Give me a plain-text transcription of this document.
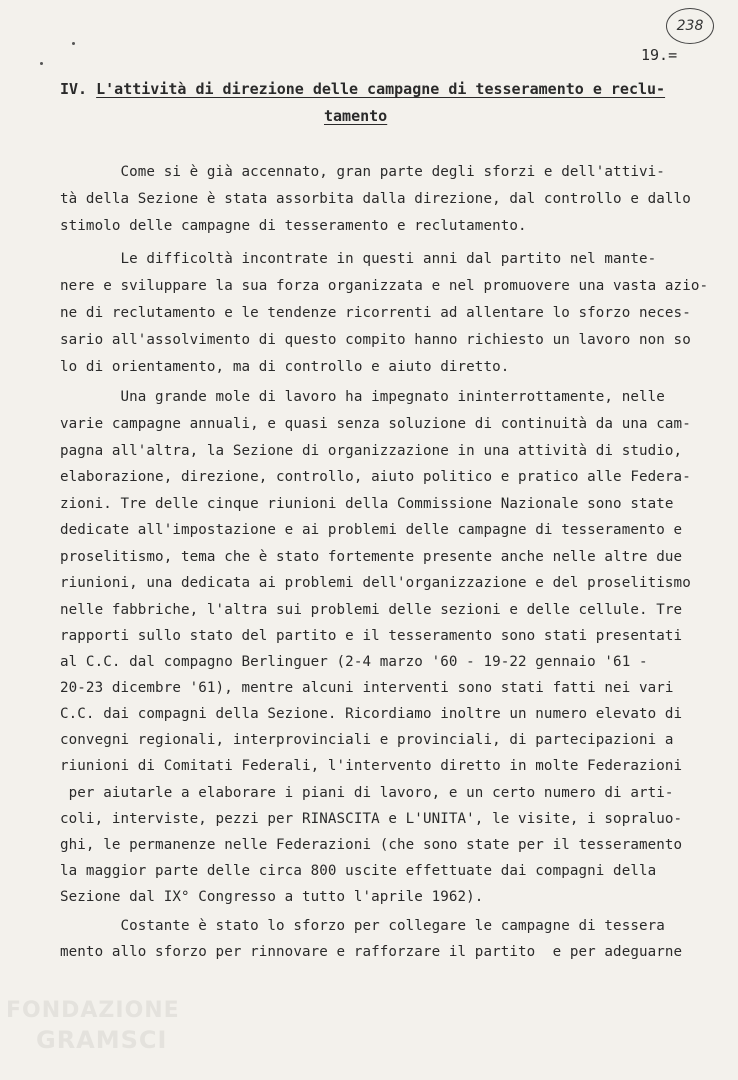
FONDAZIONE
GRAMSCI
238
19.=
IV. L'attività di direzione delle campagne di tesseramento e reclu-
tamento
Come si è già accennato, gran parte degli sforzi e dell'attivi-
tà della Sezione è stata assorbita dalla direzione, dal controllo e dallo
stimolo delle campagne di tesseramento e reclutamento.
Le difficoltà incontrate in questi anni dal partito nel mante-
nere e sviluppare la sua forza organizzata e nel promuovere una vasta azio-
ne di reclutamento e le tendenze ricorrenti ad allentare lo sforzo neces-
sario all'assolvimento di questo compito hanno richiesto un lavoro non so
lo di orientamento, ma di controllo e aiuto diretto.
Una grande mole di lavoro ha impegnato ininterrottamente, nelle
varie campagne annuali, e quasi senza soluzione di continuità da una cam-
pagna all'altra, la Sezione di organizzazione in una attività di studio,
elaborazione, direzione, controllo, aiuto politico e pratico alle Federa-
zioni. Tre delle cinque riunioni della Commissione Nazionale sono state
dedicate all'impostazione e ai problemi delle campagne di tesseramento e
proselitismo, tema che è stato fortemente presente anche nelle altre due
riunioni, una dedicata ai problemi dell'organizzazione e del proselitismo
nelle fabbriche, l'altra sui problemi delle sezioni e delle cellule. Tre
rapporti sullo stato del partito e il tesseramento sono stati presentati
al C.C. dal compagno Berlinguer (2-4 marzo '60 - 19-22 gennaio '61 -
20-23 dicembre '61), mentre alcuni interventi sono stati fatti nei vari
C.C. dai compagni della Sezione. Ricordiamo inoltre un numero elevato di
convegni regionali, interprovinciali e provinciali, di partecipazioni a
riunioni di Comitati Federali, l'intervento diretto in molte Federazioni
per aiutarle a elaborare i piani di lavoro, e un certo numero di arti-
coli, interviste, pezzi per RINASCITA e L'UNITA', le visite, i sopraluo-
ghi, le permanenze nelle Federazioni (che sono state per il tesseramento
la maggior parte delle circa 800 uscite effettuate dai compagni della
Sezione dal IX° Congresso a tutto l'aprile 1962).
Costante è stato lo sforzo per collegare le campagne di tessera
mento allo sforzo per rinnovare e rafforzare il partito  e per adeguarne
